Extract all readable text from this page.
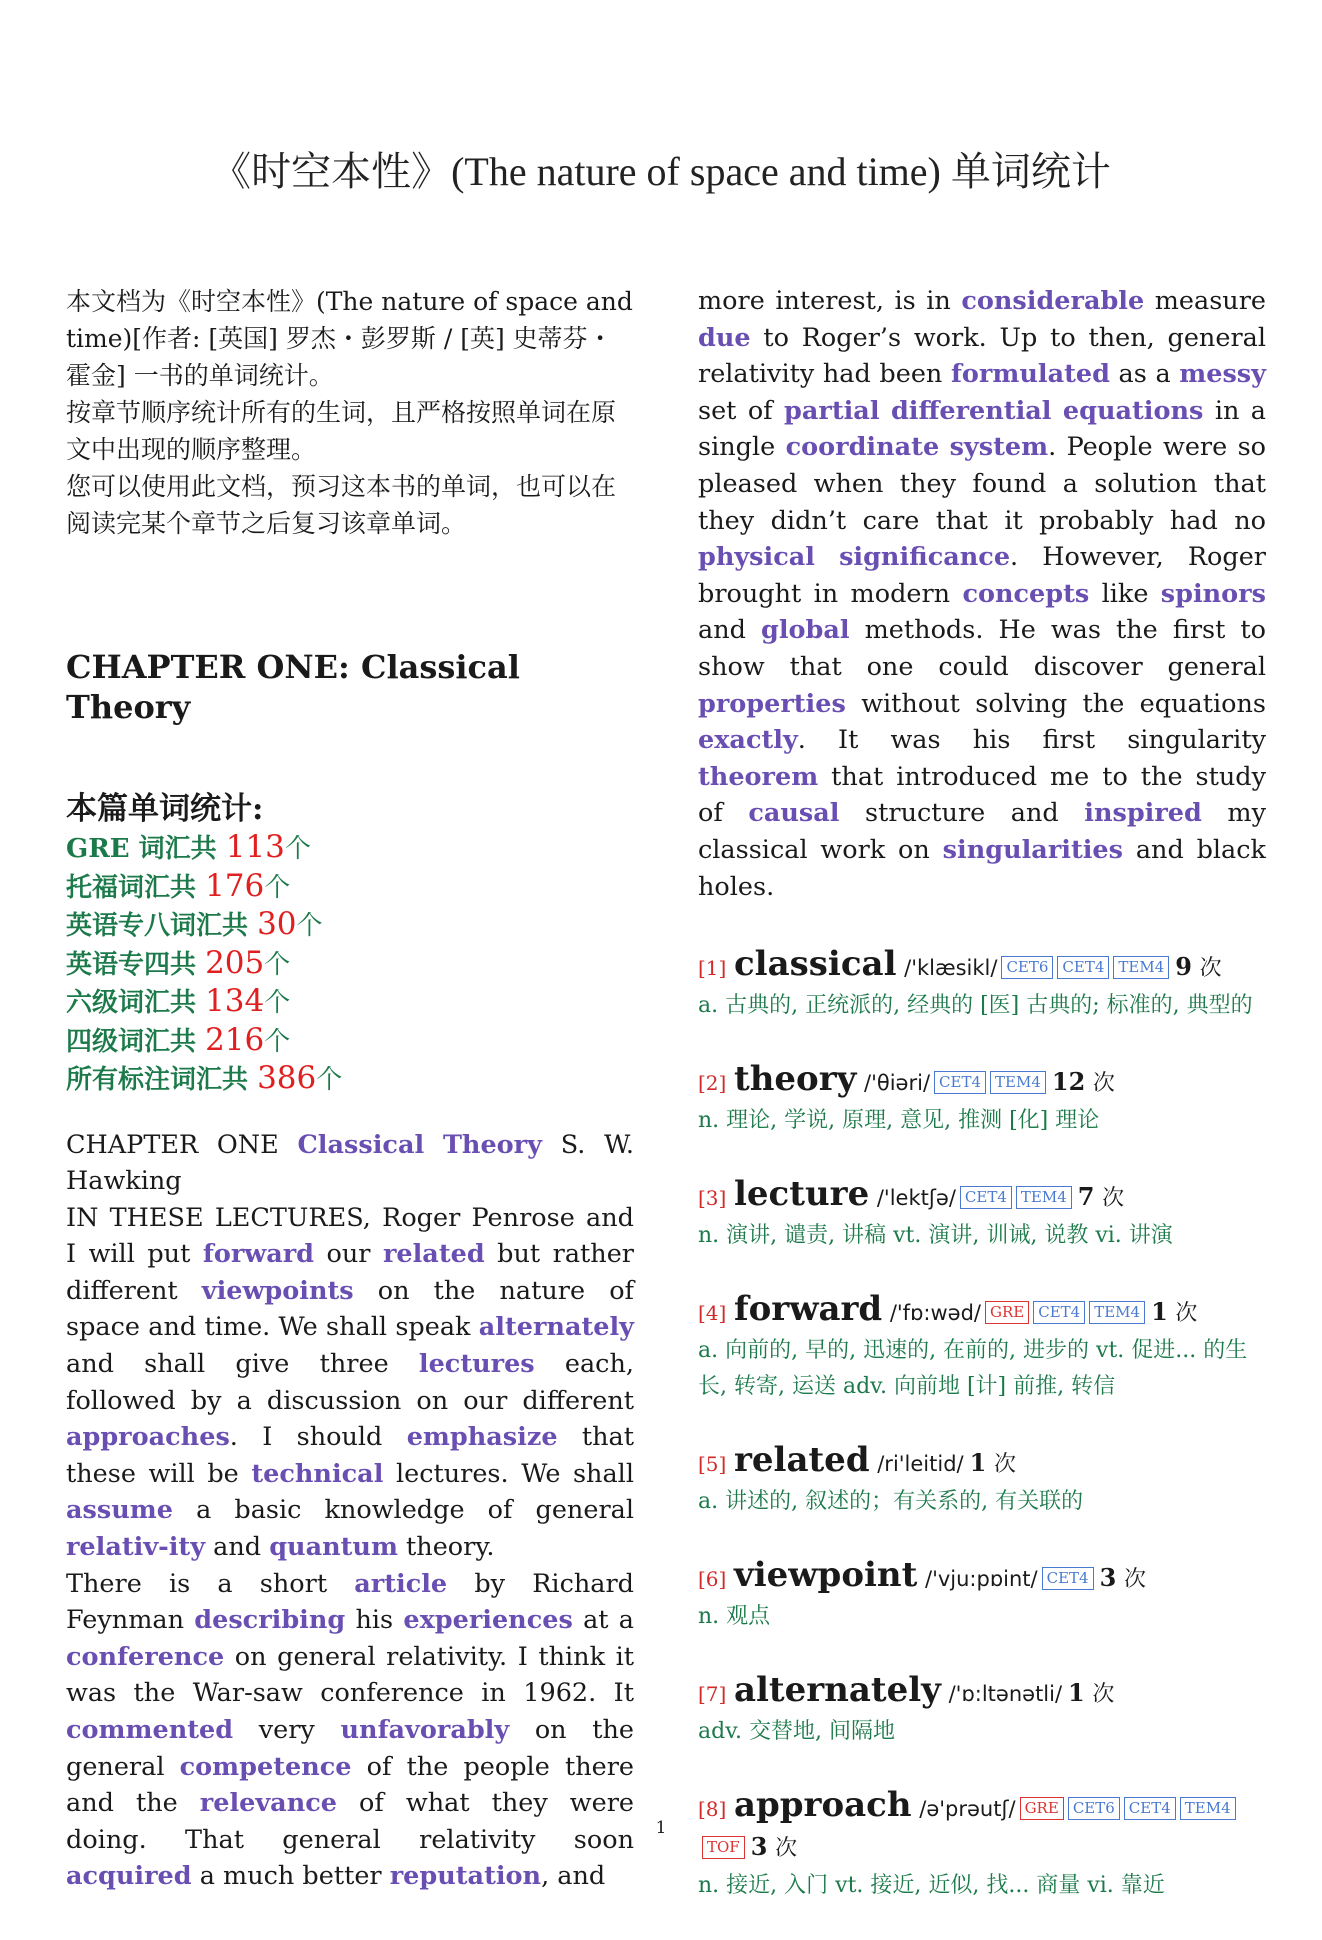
《时空本性》(The nature of space and time) 单词统计

本文档为《时空本性》(The nature of space and time)[作者: [英国] 罗杰・彭罗斯 / [英] 史蒂芬・霍金] 一书的单词统计。

按章节顺序统计所有的生词，且严格按照单词在原文中出现的顺序整理。

您可以使用此文档，预习这本书的单词，也可以在阅读完某个章节之后复习该章单词。

CHAPTER ONE: Classical Theory
本篇单词统计:
GRE 词汇共 113个
托福词汇共 176个
英语专八词汇共 30个
英语专四共 205个
六级词汇共 134个
四级词汇共 216个
所有标注词汇共 386个

CHAPTER ONE Classical Theory S. W. Hawking

IN THESE LECTURES, Roger Penrose and I will put forward our related but rather different viewpoints on the nature of space and time. We shall speak alternately and shall give three lectures each, followed by a discussion on our different approaches. I should emphasize that these will be technical lectures. We shall assume a basic knowledge of general relativ-ity and quantum theory.

There is a short article by Richard Feynman describing his experiences at a conference on general relativity. I think it was the War-saw conference in 1962. It commented very unfavorably on the general competence of the people there and the relevance of what they were doing. That general relativity soon acquired a much better reputation, and

more interest, is in considerable measure due to Roger’s work. Up to then, general relativity had been formulated as a messy set of partial differential equations in a single coordinate system. People were so pleased when they found a solution that they didn’t care that it probably had no physical significance. However, Roger brought in modern concepts like spinors and global methods. He was the first to show that one could discover general properties without solving the equations exactly. It was his first singularity theorem that introduced me to the study of causal structure and inspired my classical work on singularities and black holes.

[1] classical /'klæsikl/ CET6 CET4 TEM4 9 次
a. 古典的, 正统派的, 经典的 [医] 古典的; 标准的, 典型的
[2] theory /'θiəri/ CET4 TEM4 12 次
n. 理论, 学说, 原理, 意见, 推测 [化] 理论
[3] lecture /'lektʃə/ CET4 TEM4 7 次
n. 演讲, 谴责, 讲稿 vt. 演讲, 训诫, 说教 vi. 讲演
[4] forward /'fɒ:wəd/ GRE CET4 TEM4 1 次
a. 向前的, 早的, 迅速的, 在前的, 进步的 vt. 促进... 的生长, 转寄, 运送 adv. 向前地 [计] 前推, 转信
[5] related /ri'leitid/ 1 次
a. 讲述的, 叙述的；有关系的, 有关联的
[6] viewpoint /'vju:pɒint/ CET4 3 次
n. 观点
[7] alternately /'ɒ:ltənətli/ 1 次
adv. 交替地, 间隔地
[8] approach /ə'prəutʃ/ GRE CET6 CET4 TEM4TOF 3 次
n. 接近, 入门 vt. 接近, 近似, 找... 商量 vi. 靠近
1
